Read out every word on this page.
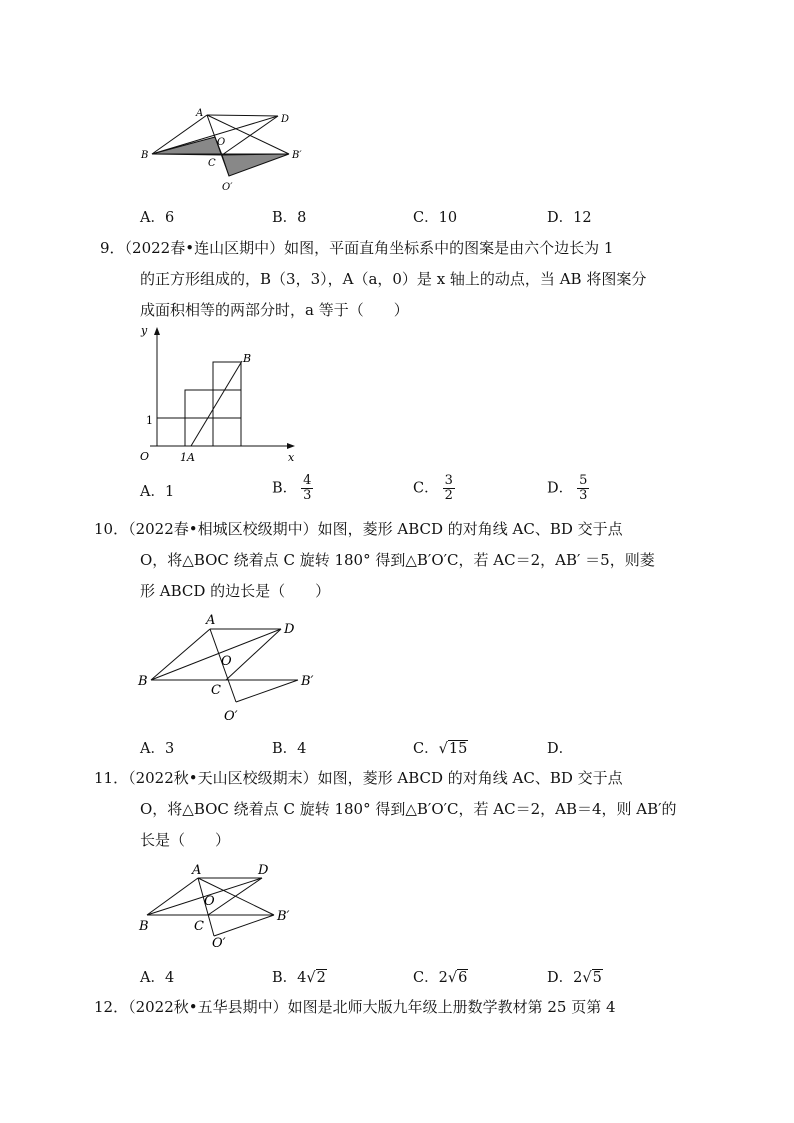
A
D
O
B
C
B′
O′
A．6	B．8	C．10	D．12

9．（2022春•连山区期中）如图，平面直角坐标系中的图案是由六个边长为 1

的正方形组成的，B（3，3），A（a，0）是 x 轴上的动点，当 AB 将图案分

成面积相等的两部分时，a 等于（　　）

y
B
1
O	1A	x
A．1	B． $\frac{4}{3}$	C． $\frac{3}{2}$	D． $\frac{5}{3}$

10．（2022春•相城区校级期中）如图，菱形 ABCD 的对角线 AC、BD 交于点

O，将△BOC 绕着点 C 旋转 180° 得到△B′O′C，若 AC＝2，AB′ ＝5，则菱

形 ABCD 的边长是（　　）

A
D
O
B
C
B′
O′
A．3	B．4	C．√15	D．

11．（2022秋•天山区校级期末）如图，菱形 ABCD 的对角线 AC、BD 交于点

O，将△BOC 绕着点 C 旋转 180° 得到△B′O′C，若 AC＝2，AB＝4，则 AB′的

长是（　　）

A	D
O
B	C
B′
O′
A．4	B．4√2	C．2√6	D．2√5

12．（2022秋•五华县期中）如图是北师大版九年级上册数学教材第 25 页第 4
